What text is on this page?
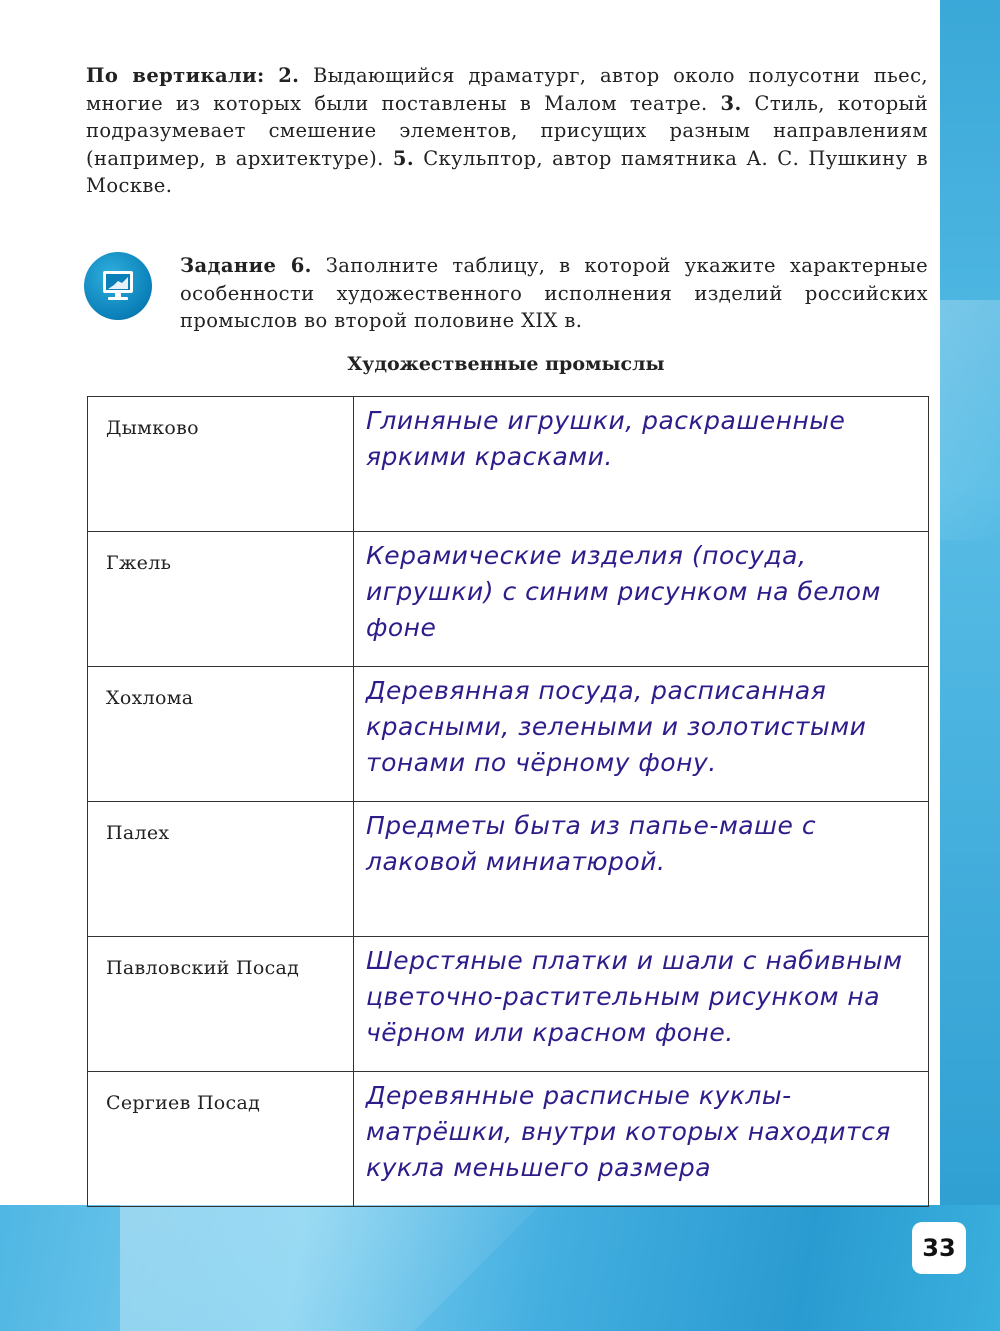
33
По вертикали: 2. Выдающийся драматург, автор около полусотни пьес, многие из которых были поставлены в Малом театре. 3. Стиль, который подразумевает смешение элементов, присущих разным направлениям (например, в архитектуре). 5. Скульптор, автор памятника А. С. Пушкину в Москве.
Задание 6. Заполните таблицу, в которой укажите характерные особенности художественного исполнения изделий российских промыслов во второй половине XIX в.
Художественные промыслы
Дымково	Глиняные игрушки, раскрашенные яркими красками.
Гжель	Керамические изделия (посуда, игрушки) с синим рисунком на белом фоне
Хохлома	Деревянная посуда, расписанная красными, зелеными и золотистыми тонами по чёрному фону.
Палех	Предметы быта из папье-маше с лаковой миниатюрой.
Павловский Посад	Шерстяные платки и шали с набивным цветочно-растительным рисунком на чёрном или красном фоне.
Сергиев Посад	Деревянные расписные куклы-матрёшки, внутри которых находится кукла меньшего размера
